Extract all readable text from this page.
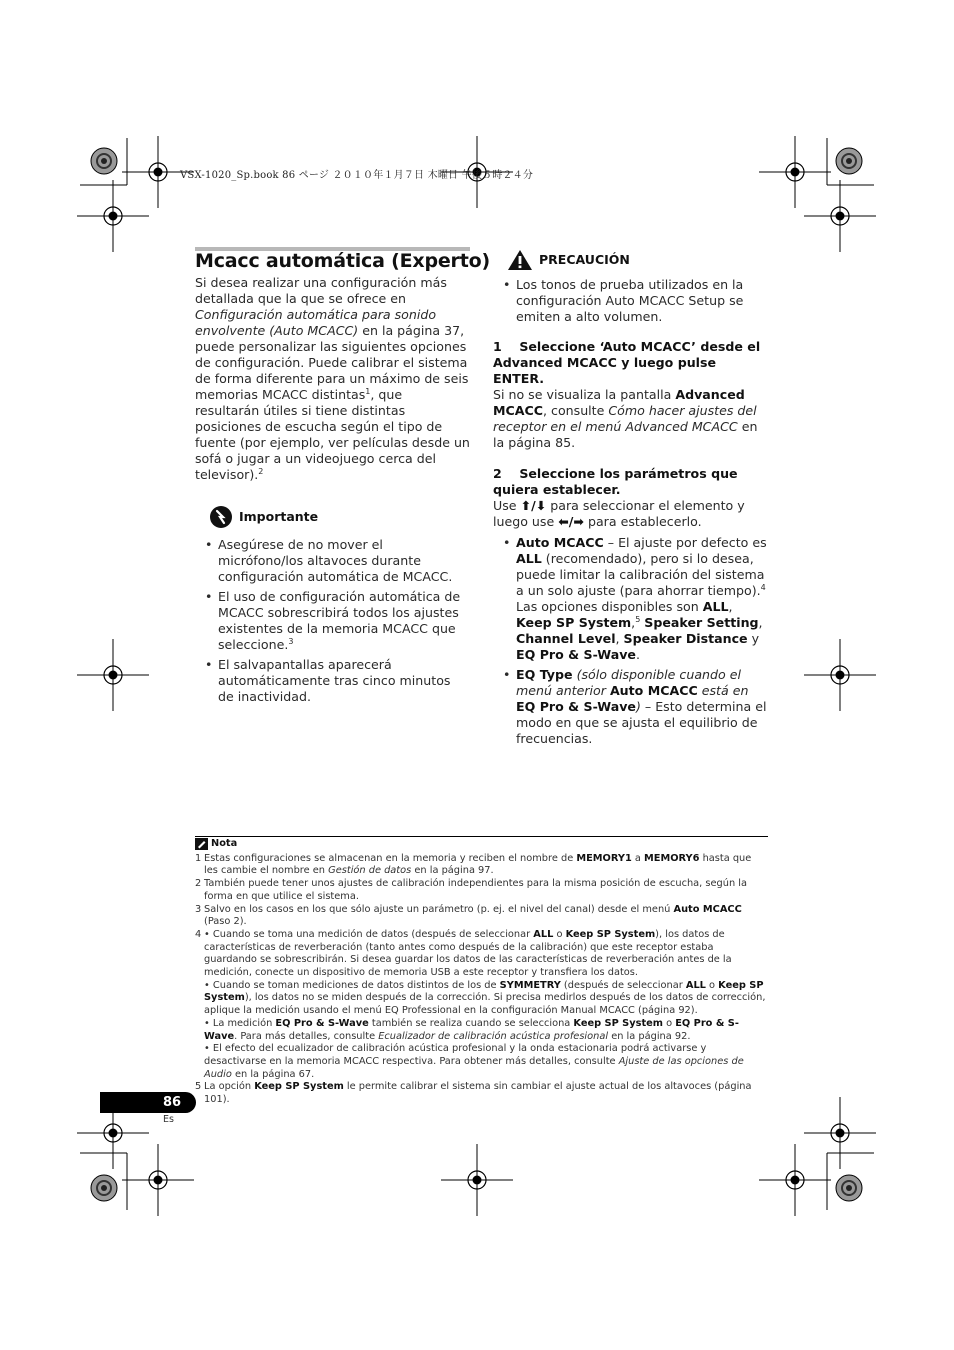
VSX-1020_Sp.book 86 ページ ２０１０年１月７日 木曜日 午後５時２４分
Mcacc automática (Experto)

Si desea realizar una configuración más detallada que la que se ofrece en Configuración automática para sonido envolvente (Auto MCACC) en la página 37, puede personalizar las siguientes opciones de configuración. Puede calibrar el sistema de forma diferente para un máximo de seis memorias MCACC distintas$^1$, que resultarán útiles si tiene distintas posiciones de escucha según el tipo de fuente (por ejemplo, ver películas desde un sofá o jugar a un videojuego cerca del televisor).$^2$

Importante
• Asegúrese de no mover el micrófono/los altavoces durante configuración automática de MCACC.
• El uso de configuración automática de MCACC sobrescribirá todos los ajustes existentes de la memoria MCACC que seleccione.$^3$
• El salvapantallas aparecerá automáticamente tras cinco minutos de inactividad.
PRECAUCIÓN
• Los tonos de prueba utilizados en la configuración Auto MCACC Setup se emiten a alto volumen.

1 Seleccione ‘Auto MCACC’ desde el Advanced MCACC y luego pulse ENTER.

Si no se visualiza la pantalla Advanced MCACC, consulte Cómo hacer ajustes del receptor en el menú Advanced MCACC en la página 85.

2 Seleccione los parámetros que quiera establecer.

Use ⬆/⬇ para seleccionar el elemento y luego use ⬅/➡ para establecerlo.

• Auto MCACC – El ajuste por defecto es ALL (recomendado), pero si lo desea, puede limitar la calibración del sistema a un solo ajuste (para ahorrar tiempo).$^4$ Las opciones disponibles son ALL, Keep SP System,$^5$ Speaker Setting, Channel Level, Speaker Distance y EQ Pro & S-Wave.
• EQ Type (sólo disponible cuando el menú anterior Auto MCACC está en EQ Pro & S-Wave) – Esto determina el modo en que se ajusta el equilibrio de frecuencias.
Nota
1 Estas configuraciones se almacenan en la memoria y reciben el nombre de MEMORY1 a MEMORY6 hasta que les cambie el nombre en Gestión de datos en la página 97.
2 También puede tener unos ajustes de calibración independientes para la misma posición de escucha, según la forma en que utilice el sistema.
3 Salvo en los casos en los que sólo ajuste un parámetro (p. ej. el nivel del canal) desde el menú Auto MCACC (Paso 2).
4 • Cuando se toma una medición de datos (después de seleccionar ALL o Keep SP System), los datos de características de reverberación (tanto antes como después de la calibración) que este receptor estaba guardando se sobrescribirán. Si desea guardar los datos de las características de reverberación antes de la medición, conecte un dispositivo de memoria USB a este receptor y transfiera los datos.
• Cuando se toman mediciones de datos distintos de los de SYMMETRY (después de seleccionar ALL o Keep SP System), los datos no se miden después de la corrección. Si precisa medirlos después de los datos de corrección, aplique la medición usando el menú EQ Professional en la configuración Manual MCACC (página 92).
• La medición EQ Pro & S-Wave también se realiza cuando se selecciona Keep SP System o EQ Pro & S-Wave. Para más detalles, consulte Ecualizador de calibración acústica profesional en la página 92.
• El efecto del ecualizador de calibración acústica profesional y la onda estacionaria podrá activarse y desactivarse en la memoria MCACC respectiva. Para obtener más detalles, consulte Ajuste de las opciones de Audio en la página 67.
5 La opción Keep SP System le permite calibrar el sistema sin cambiar el ajuste actual de los altavoces (página 101).
86
Es
